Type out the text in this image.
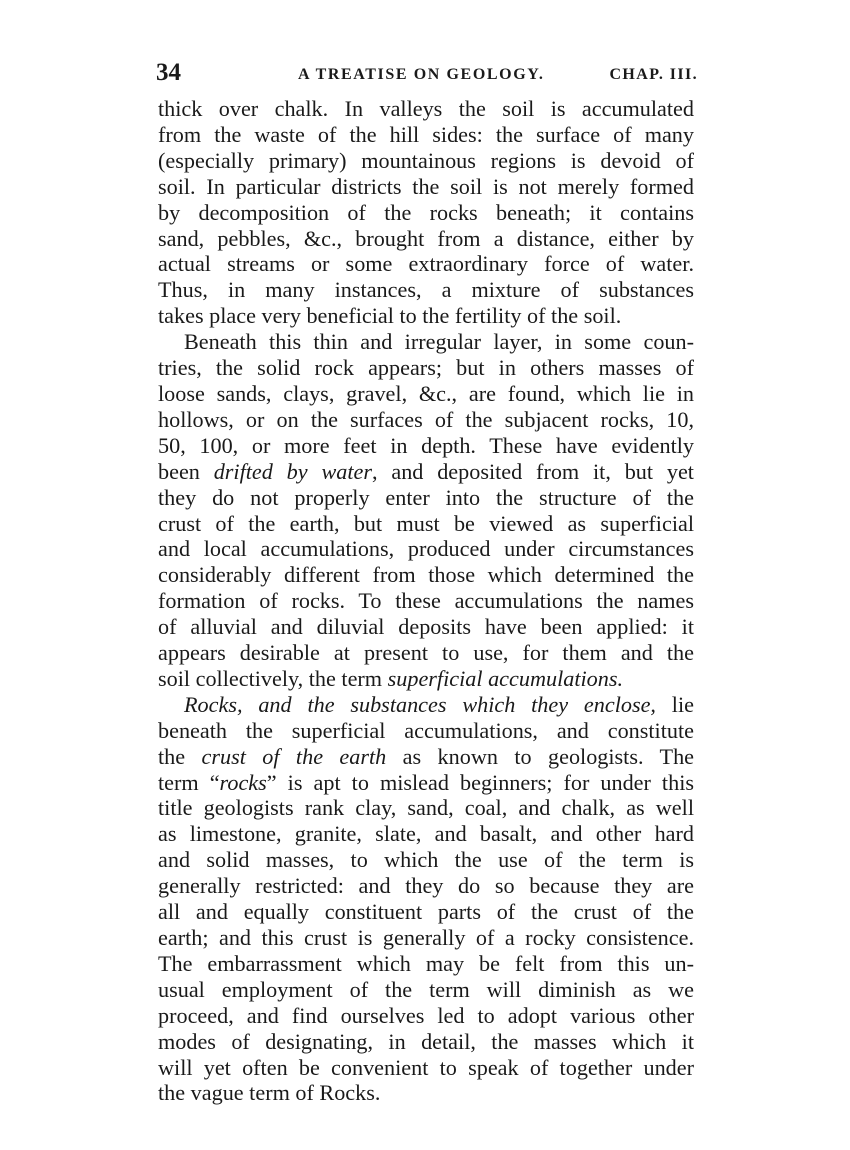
34	A TREATISE ON GEOLOGY.	CHAP. III.
thick over chalk. In valleys the soil is accumulated
from the waste of the hill sides: the surface of many
(especially primary) mountainous regions is devoid of
soil. In particular districts the soil is not merely formed
by decomposition of the rocks beneath; it contains
sand, pebbles, &c., brought from a distance, either by
actual streams or some extraordinary force of water.
Thus, in many instances, a mixture of substances
takes place very beneficial to the fertility of the soil.
Beneath this thin and irregular layer, in some coun-
tries, the solid rock appears; but in others masses of
loose sands, clays, gravel, &c., are found, which lie in
hollows, or on the surfaces of the subjacent rocks, 10,
50, 100, or more feet in depth. These have evidently
been drifted by water, and deposited from it, but yet
they do not properly enter into the structure of the
crust of the earth, but must be viewed as superficial
and local accumulations, produced under circumstances
considerably different from those which determined the
formation of rocks. To these accumulations the names
of alluvial and diluvial deposits have been applied: it
appears desirable at present to use, for them and the
soil collectively, the term superficial accumulations.
Rocks, and the substances which they enclose, lie
beneath the superficial accumulations, and constitute
the crust of the earth as known to geologists. The
term “rocks” is apt to mislead beginners; for under this
title geologists rank clay, sand, coal, and chalk, as well
as limestone, granite, slate, and basalt, and other hard
and solid masses, to which the use of the term is
generally restricted: and they do so because they are
all and equally constituent parts of the crust of the
earth; and this crust is generally of a rocky consistence.
The embarrassment which may be felt from this un-
usual employment of the term will diminish as we
proceed, and find ourselves led to adopt various other
modes of designating, in detail, the masses which it
will yet often be convenient to speak of together under
the vague term of Rocks.
